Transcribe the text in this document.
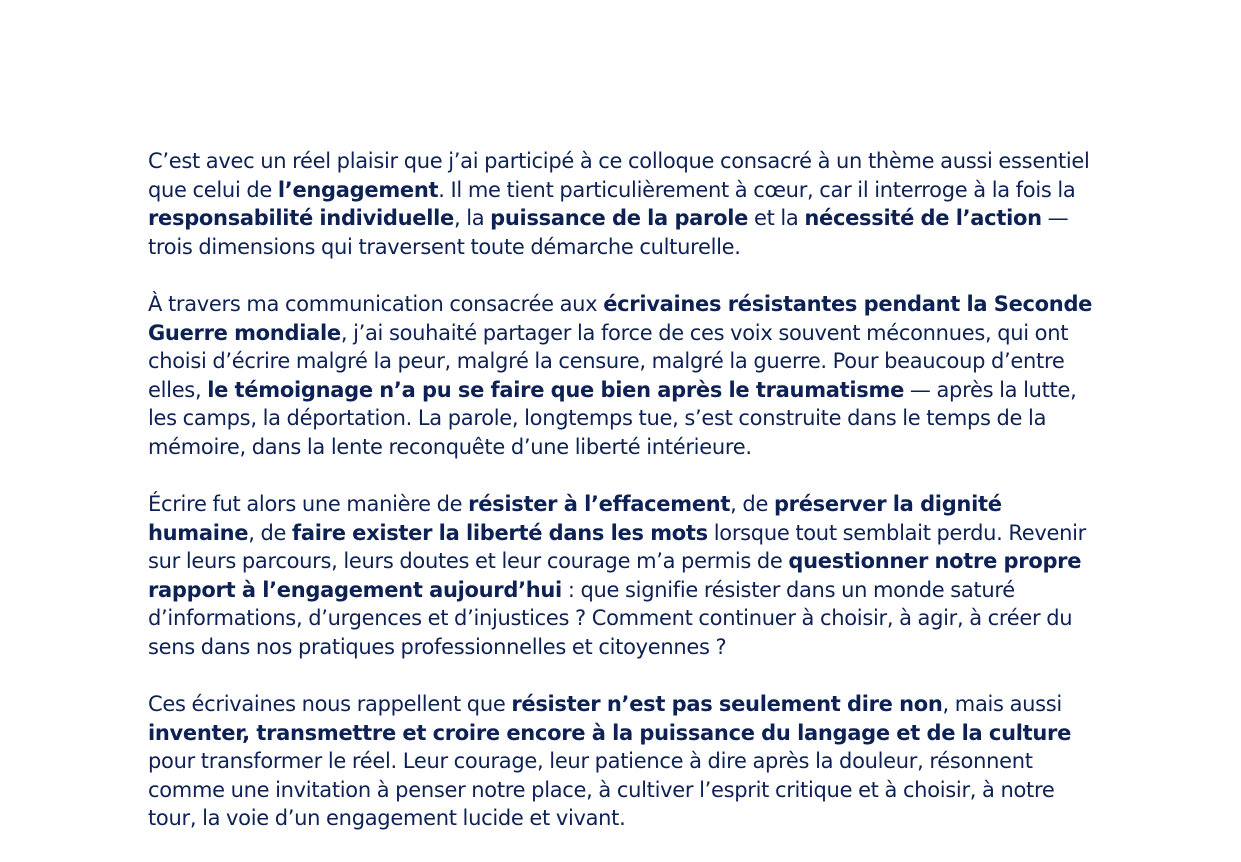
C’est avec un réel plaisir que j’ai participé à ce colloque consacré à un thème aussi essentiel que celui de l’engagement. Il me tient particulièrement à cœur, car il interroge à la fois la responsabilité individuelle, la puissance de la parole et la nécessité de l’action — trois dimensions qui traversent toute démarche culturelle.

À travers ma communication consacrée aux écrivaines résistantes pendant la Seconde Guerre mondiale, j’ai souhaité partager la force de ces voix souvent méconnues, qui ont choisi d’écrire malgré la peur, malgré la censure, malgré la guerre. Pour beaucoup d’entre elles, le témoignage n’a pu se faire que bien après le traumatisme — après la lutte, les camps, la déportation. La parole, longtemps tue, s’est construite dans le temps de la mémoire, dans la lente reconquête d’une liberté intérieure.

Écrire fut alors une manière de résister à l’effacement, de préserver la dignité humaine, de faire exister la liberté dans les mots lorsque tout semblait perdu. Revenir sur leurs parcours, leurs doutes et leur courage m’a permis de questionner notre propre rapport à l’engagement aujourd’hui : que signifie résister dans un monde saturé d’informations, d’urgences et d’injustices ? Comment continuer à choisir, à agir, à créer du sens dans nos pratiques professionnelles et citoyennes ?

Ces écrivaines nous rappellent que résister n’est pas seulement dire non, mais aussi inventer, transmettre et croire encore à la puissance du langage et de la culture pour transformer le réel. Leur courage, leur patience à dire après la douleur, résonnent comme une invitation à penser notre place, à cultiver l’esprit critique et à choisir, à notre tour, la voie d’un engagement lucide et vivant.
